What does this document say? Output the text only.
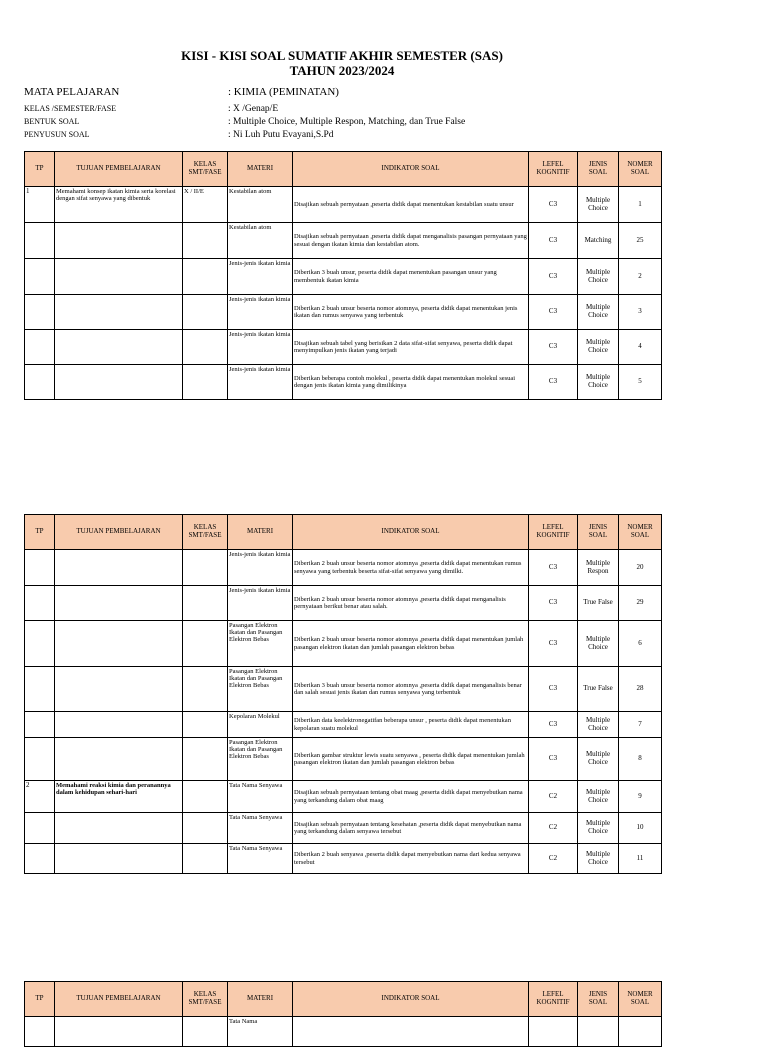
KISI - KISI SOAL SUMATIF AKHIR SEMESTER (SAS)
TAHUN 2023/2024
MATA PELAJARAN	: KIMIA (PEMINATAN)
KELAS /SEMESTER/FASE	: X /Genap/E
BENTUK SOAL	: Multiple Choice, Multiple Respon, Matching, dan True False
PENYUSUN SOAL	: Ni Luh Putu Evayani,S.Pd
TP	TUJUAN PEMBELAJARAN	KELAS SMT/FASE	MATERI	INDIKATOR SOAL	LEFEL KOGNITIF	JENIS SOAL	NOMER SOAL
1	Memahami konsep ikatan kimia serta korelasi dengan sifat senyawa yang dibentuk	X / II/E	Kestabilan atom	Disajikan sebuah pernyataan ,peserta didik dapat menentukan kestabilan suatu unsur	C3	Multiple Choice	1
			Kestabilan atom	Disajikan sebuah pernyataan ,peserta didik dapat menganalisis pasangan pernyataan yang sesuai dengan ikatan kimia dan kestabilan atom.	C3	Matching	25
			Jenis-jenis ikatan kimia	Diberikan 3 buah unsur, peserta didik dapat menentukan pasangan unsur yang membentuk ikatan kimia	C3	Multiple Choice	2
			Jenis-jenis ikatan kimia	Diberikan 2 buah unsur beserta nomor atomnya, peserta didik dapat menentukan jenis ikatan dan rumus senyawa yang terbentuk	C3	Multiple Choice	3
			Jenis-jenis ikatan kimia	Disajikan sebuah tabel yang berisikan 2 data sifat-sifat senyawa, peserta didik dapat menyimpulkan jenis ikatan yang terjadi	C3	Multiple Choice	4
			Jenis-jenis ikatan kimia	Diberikan beberapa contoh molekul , peserta didik dapat menentukan molekul sesuai dengan jenis ikatan kimia yang dimilikinya	C3	Multiple Choice	5
TP	TUJUAN PEMBELAJARAN	KELAS SMT/FASE	MATERI	INDIKATOR SOAL	LEFEL KOGNITIF	JENIS SOAL	NOMER SOAL
			Jenis-jenis ikatan kimia	Diberikan 2 buah unsur beserta nomor atomnya ,peserta didik dapat menentukan rumus senyawa yang terbentuk beserta sifat-sifat senyawa yang dimilki.	C3	Multiple Respon	20
			Jenis-jenis ikatan kimia	Diberikan 2 buah unsur beserta nomor atomnya ,peserta didik dapat menganalisis pernyataan berikut benar atau salah.	C3	True False	29
			Pasangan Elektron Ikatan dan Pasangan Elektron Bebas	Diberikan 2 buah unsur beserta nomor atomnya ,peserta didik dapat menentukan jumlah pasangan elektron ikatan dan jumlah pasangan elektron bebas	C3	Multiple Choice	6
			Pasangan Elektron Ikatan dan Pasangan Elektron Bebas	Diberikan 3 buah unsur beserta nomor atomnya ,peserta didik dapat menganalisis benar dan salah sesuai jenis ikatan dan rumus senyawa yang terbentuk	C3	True False	28
			Kepolaran Molekul	Diberikan data keelektronegatifan beberapa unsur , peserta didik dapat menentukan kepolaran suatu molekul	C3	Multiple Choice	7
			Pasangan Elektron Ikatan dan Pasangan Elektron Bebas	Diberikan gambar struktur lewis suatu senyawa , peserta didik dapat menentukan jumlah pasangan elektron ikatan dan jumlah pasangan elektron bebas	C3	Multiple Choice	8
2	Memahami reaksi kimia dan peranannya dalam kehidupan sehari-hari		Tata Nama Senyawa	Disajikan sebuah pernyataan tentang obat maag ,peserta didik dapat menyebutkan nama yang terkandung dalam obat maag	C2	Multiple Choice	9
			Tata Nama Senyawa	Disajikan sebuah pernyataan tentang kesehatan ,peserta didik dapat menyebutkan nama yang terkandung dalam senyawa tersebut	C2	Multiple Choice	10
			Tata Nama Senyawa	Diberikan 2 buah senyawa ,peserta didik dapat menyebutkan nama dari kedua senyawa tersebut	C2	Multiple Choice	11
TP	TUJUAN PEMBELAJARAN	KELAS SMT/FASE	MATERI	INDIKATOR SOAL	LEFEL KOGNITIF	JENIS SOAL	NOMER SOAL
			Tata Nama				
